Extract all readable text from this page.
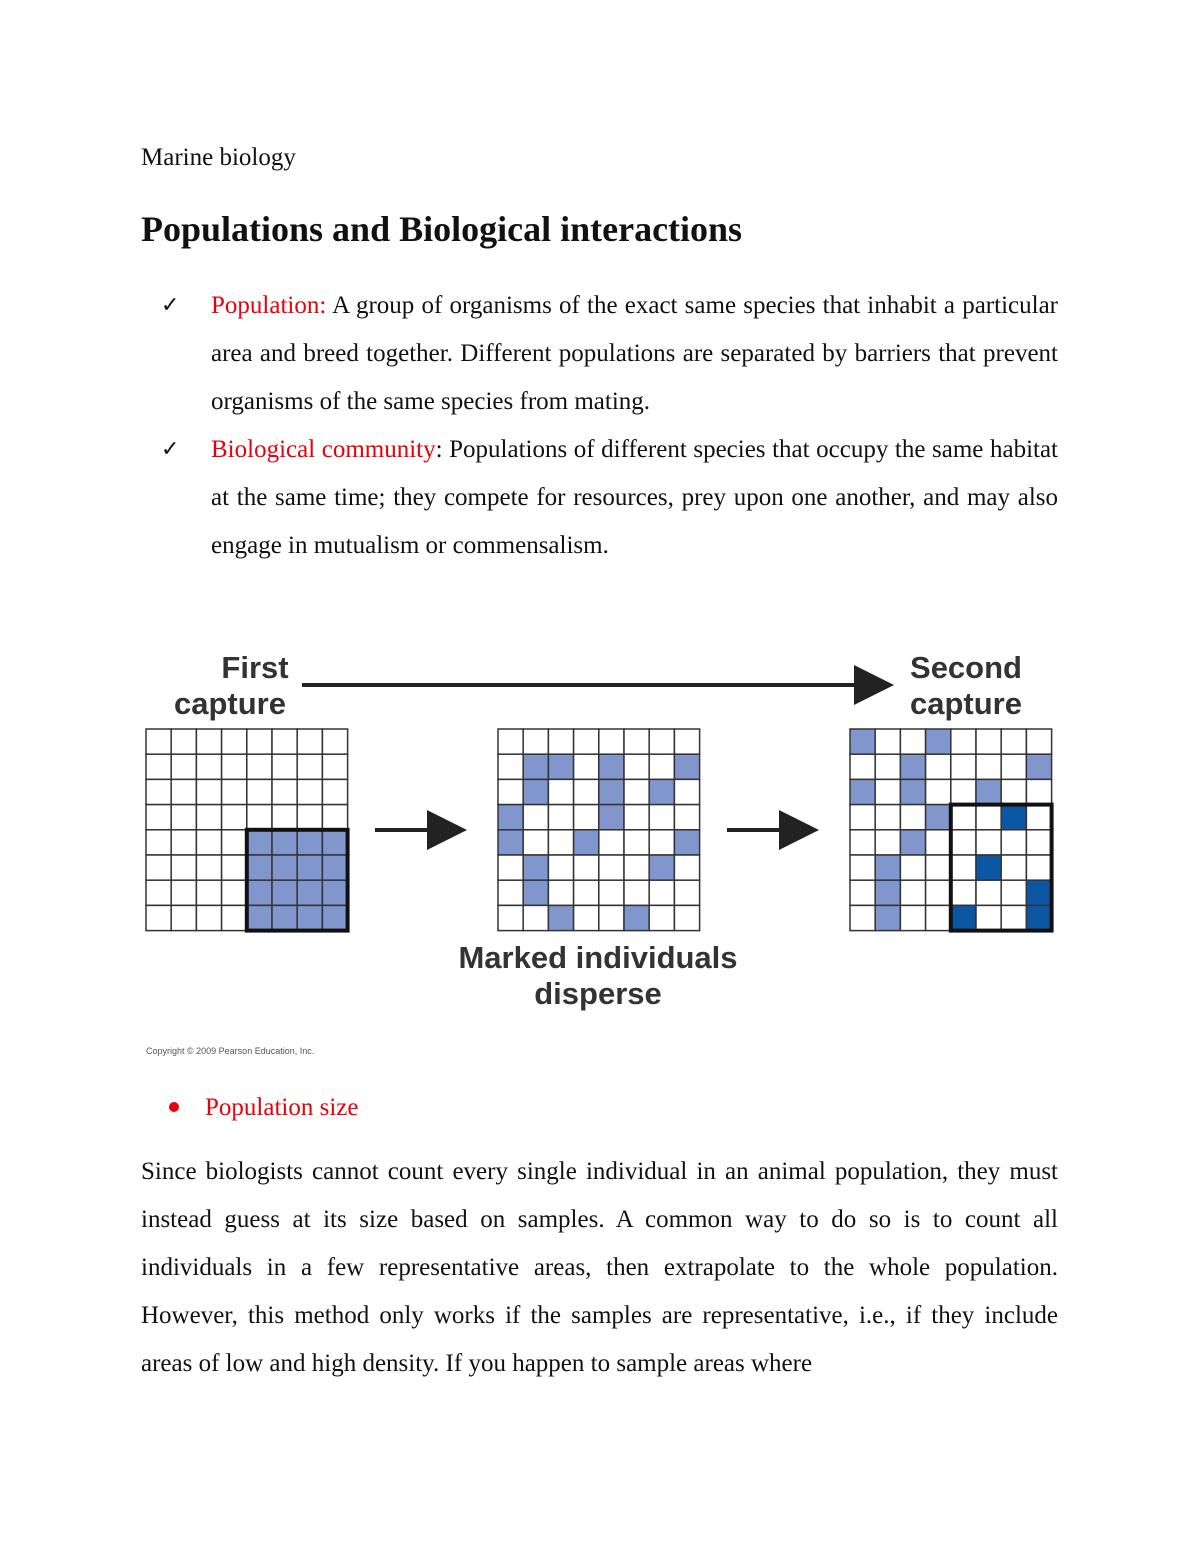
Marine biology
Populations and Biological interactions
✓ Population: A group of organisms of the exact same species that inhabit a particular area and breed together. Different populations are separated by barriers that prevent organisms of the same species from mating.
✓ Biological community: Populations of different species that occupy the same habitat at the same time; they compete for resources, prey upon one another, and may also engage in mutualism or commensalism.
First
capture
Second
capture
Marked individuals
disperse
Copyright © 2009 Pearson Education, Inc.
Population size

Since biologists cannot count every single individual in an animal population, they must instead guess at its size based on samples. A common way to do so is to count all individuals in a few representative areas, then extrapolate to the whole population. However, this method only works if the samples are representative, i.e., if they include areas of low and high density. If you happen to sample areas where
